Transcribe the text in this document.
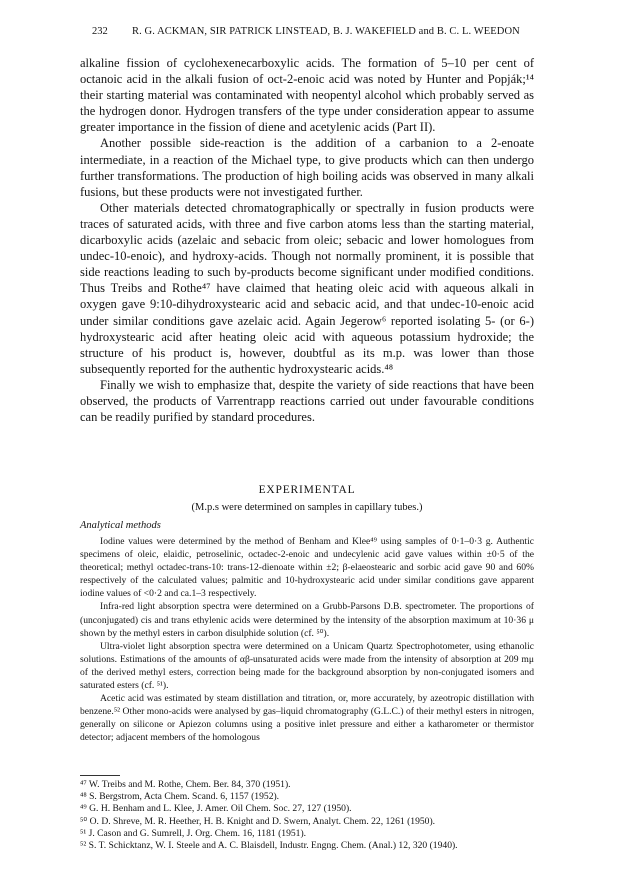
232 R. G. ACKMAN, SIR PATRICK LINSTEAD, B. J. WAKEFIELD and B. C. L. WEEDON

alkaline fission of cyclohexenecarboxylic acids. The formation of 5–10 per cent of octanoic acid in the alkali fusion of oct-2-enoic acid was noted by Hunter and Popják;¹⁴ their starting material was contaminated with neopentyl alcohol which probably served as the hydrogen donor. Hydrogen transfers of the type under consideration appear to assume greater importance in the fission of diene and acetylenic acids (Part II).

Another possible side-reaction is the addition of a carbanion to a 2-enoate intermediate, in a reaction of the Michael type, to give products which can then undergo further transformations. The production of high boiling acids was observed in many alkali fusions, but these products were not investigated further.

Other materials detected chromatographically or spectrally in fusion products were traces of saturated acids, with three and five carbon atoms less than the starting material, dicarboxylic acids (azelaic and sebacic from oleic; sebacic and lower homologues from undec-10-enoic), and hydroxy-acids. Though not normally prominent, it is possible that side reactions leading to such by-products become significant under modified conditions. Thus Treibs and Rothe⁴⁷ have claimed that heating oleic acid with aqueous alkali in oxygen gave 9:10-dihydroxystearic acid and sebacic acid, and that undec-10-enoic acid under similar conditions gave azelaic acid. Again Jegerow⁶ reported isolating 5- (or 6-) hydroxystearic acid after heating oleic acid with aqueous potassium hydroxide; the structure of his product is, however, doubtful as its m.p. was lower than those subsequently reported for the authentic hydroxystearic acids.⁴⁸

Finally we wish to emphasize that, despite the variety of side reactions that have been observed, the products of Varrentrapp reactions carried out under favourable conditions can be readily purified by standard procedures.

EXPERIMENTAL
(M.p.s were determined on samples in capillary tubes.)
Analytical methods

Iodine values were determined by the method of Benham and Klee⁴⁹ using samples of 0·1–0·3 g. Authentic specimens of oleic, elaidic, petroselinic, octadec-2-enoic and undecylenic acid gave values within ±0·5 of the theoretical; methyl octadec-trans-10: trans-12-dienoate within ±2; β-elaeostearic and sorbic acid gave 90 and 60% respectively of the calculated values; palmitic and 10-hydroxystearic acid under similar conditions gave apparent iodine values of <0·2 and ca.1–3 respectively.

Infra-red light absorption spectra were determined on a Grubb-Parsons D.B. spectrometer. The proportions of (unconjugated) cis and trans ethylenic acids were determined by the intensity of the absorption maximum at 10·36 μ shown by the methyl esters in carbon disulphide solution (cf. ⁵⁰).

Ultra-violet light absorption spectra were determined on a Unicam Quartz Spectrophotometer, using ethanolic solutions. Estimations of the amounts of αβ-unsaturated acids were made from the intensity of absorption at 209 mμ of the derived methyl esters, correction being made for the background absorption by non-conjugated isomers and saturated esters (cf. ⁵¹).

Acetic acid was estimated by steam distillation and titration, or, more accurately, by azeotropic distillation with benzene.⁵² Other mono-acids were analysed by gas–liquid chromatography (G.L.C.) of their methyl esters in nitrogen, generally on silicone or Apiezon columns using a positive inlet pressure and either a katharometer or thermistor detector; adjacent members of the homologous

⁴⁷ W. Treibs and M. Rothe, Chem. Ber. 84, 370 (1951).
⁴⁸ S. Bergstrom, Acta Chem. Scand. 6, 1157 (1952).
⁴⁹ G. H. Benham and L. Klee, J. Amer. Oil Chem. Soc. 27, 127 (1950).
⁵⁰ O. D. Shreve, M. R. Heether, H. B. Knight and D. Swern, Analyt. Chem. 22, 1261 (1950).
⁵¹ J. Cason and G. Sumrell, J. Org. Chem. 16, 1181 (1951).
⁵² S. T. Schicktanz, W. I. Steele and A. C. Blaisdell, Industr. Engng. Chem. (Anal.) 12, 320 (1940).
